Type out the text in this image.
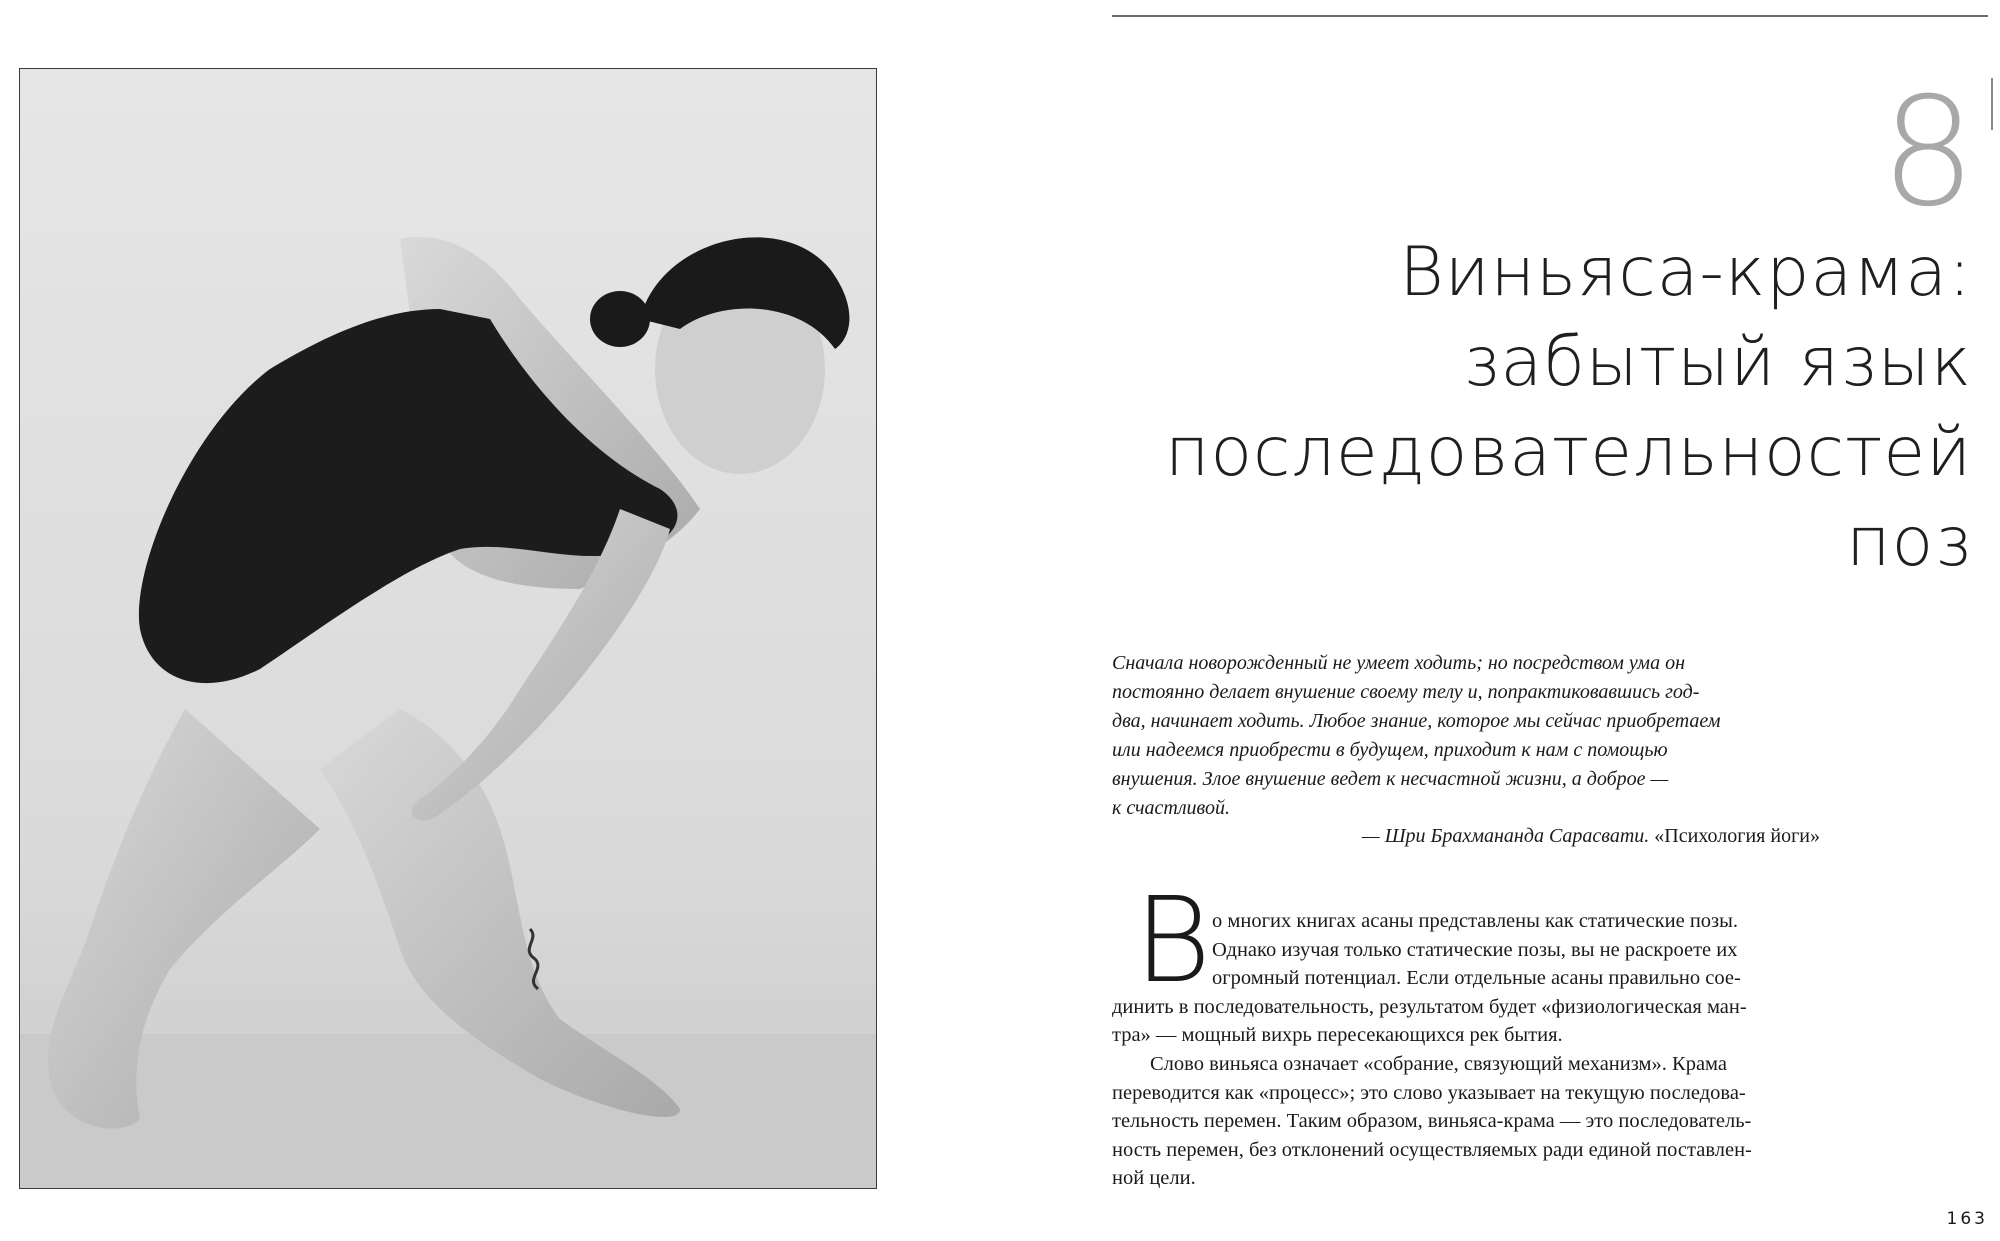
8
Виньяса-крама:
забытый язык
последовательностей
поз
Сначала новорожденный не умеет ходить; но посредством ума он
постоянно делает внушение своему телу и, попрактиковавшись год-
два, начинает ходить. Любое знание, которое мы сейчас приобретаем
или надеемся приобрести в будущем, приходит к нам с помощью
внушения. Злое внушение ведет к несчастной жизни, а доброе —
к счастливой.
— Шри Брахмананда Сарасвати. «Психология йоги»
В о многих книгах асаны представлены как статические позы.
Однако изучая только статические позы, вы не раскроете их
огромный потенциал. Если отдельные асаны правильно сое-
динить в последовательность, результатом будет «физиологическая ман-
тра» — мощный вихрь пересекающихся рек бытия.
Слово виньяса означает «собрание, связующий механизм». Крама
переводится как «процесс»; это слово указывает на текущую последова-
тельность перемен. Таким образом, виньяса-крама — это последователь-
ность перемен, без отклонений осуществляемых ради единой поставлен-
ной цели.
163
